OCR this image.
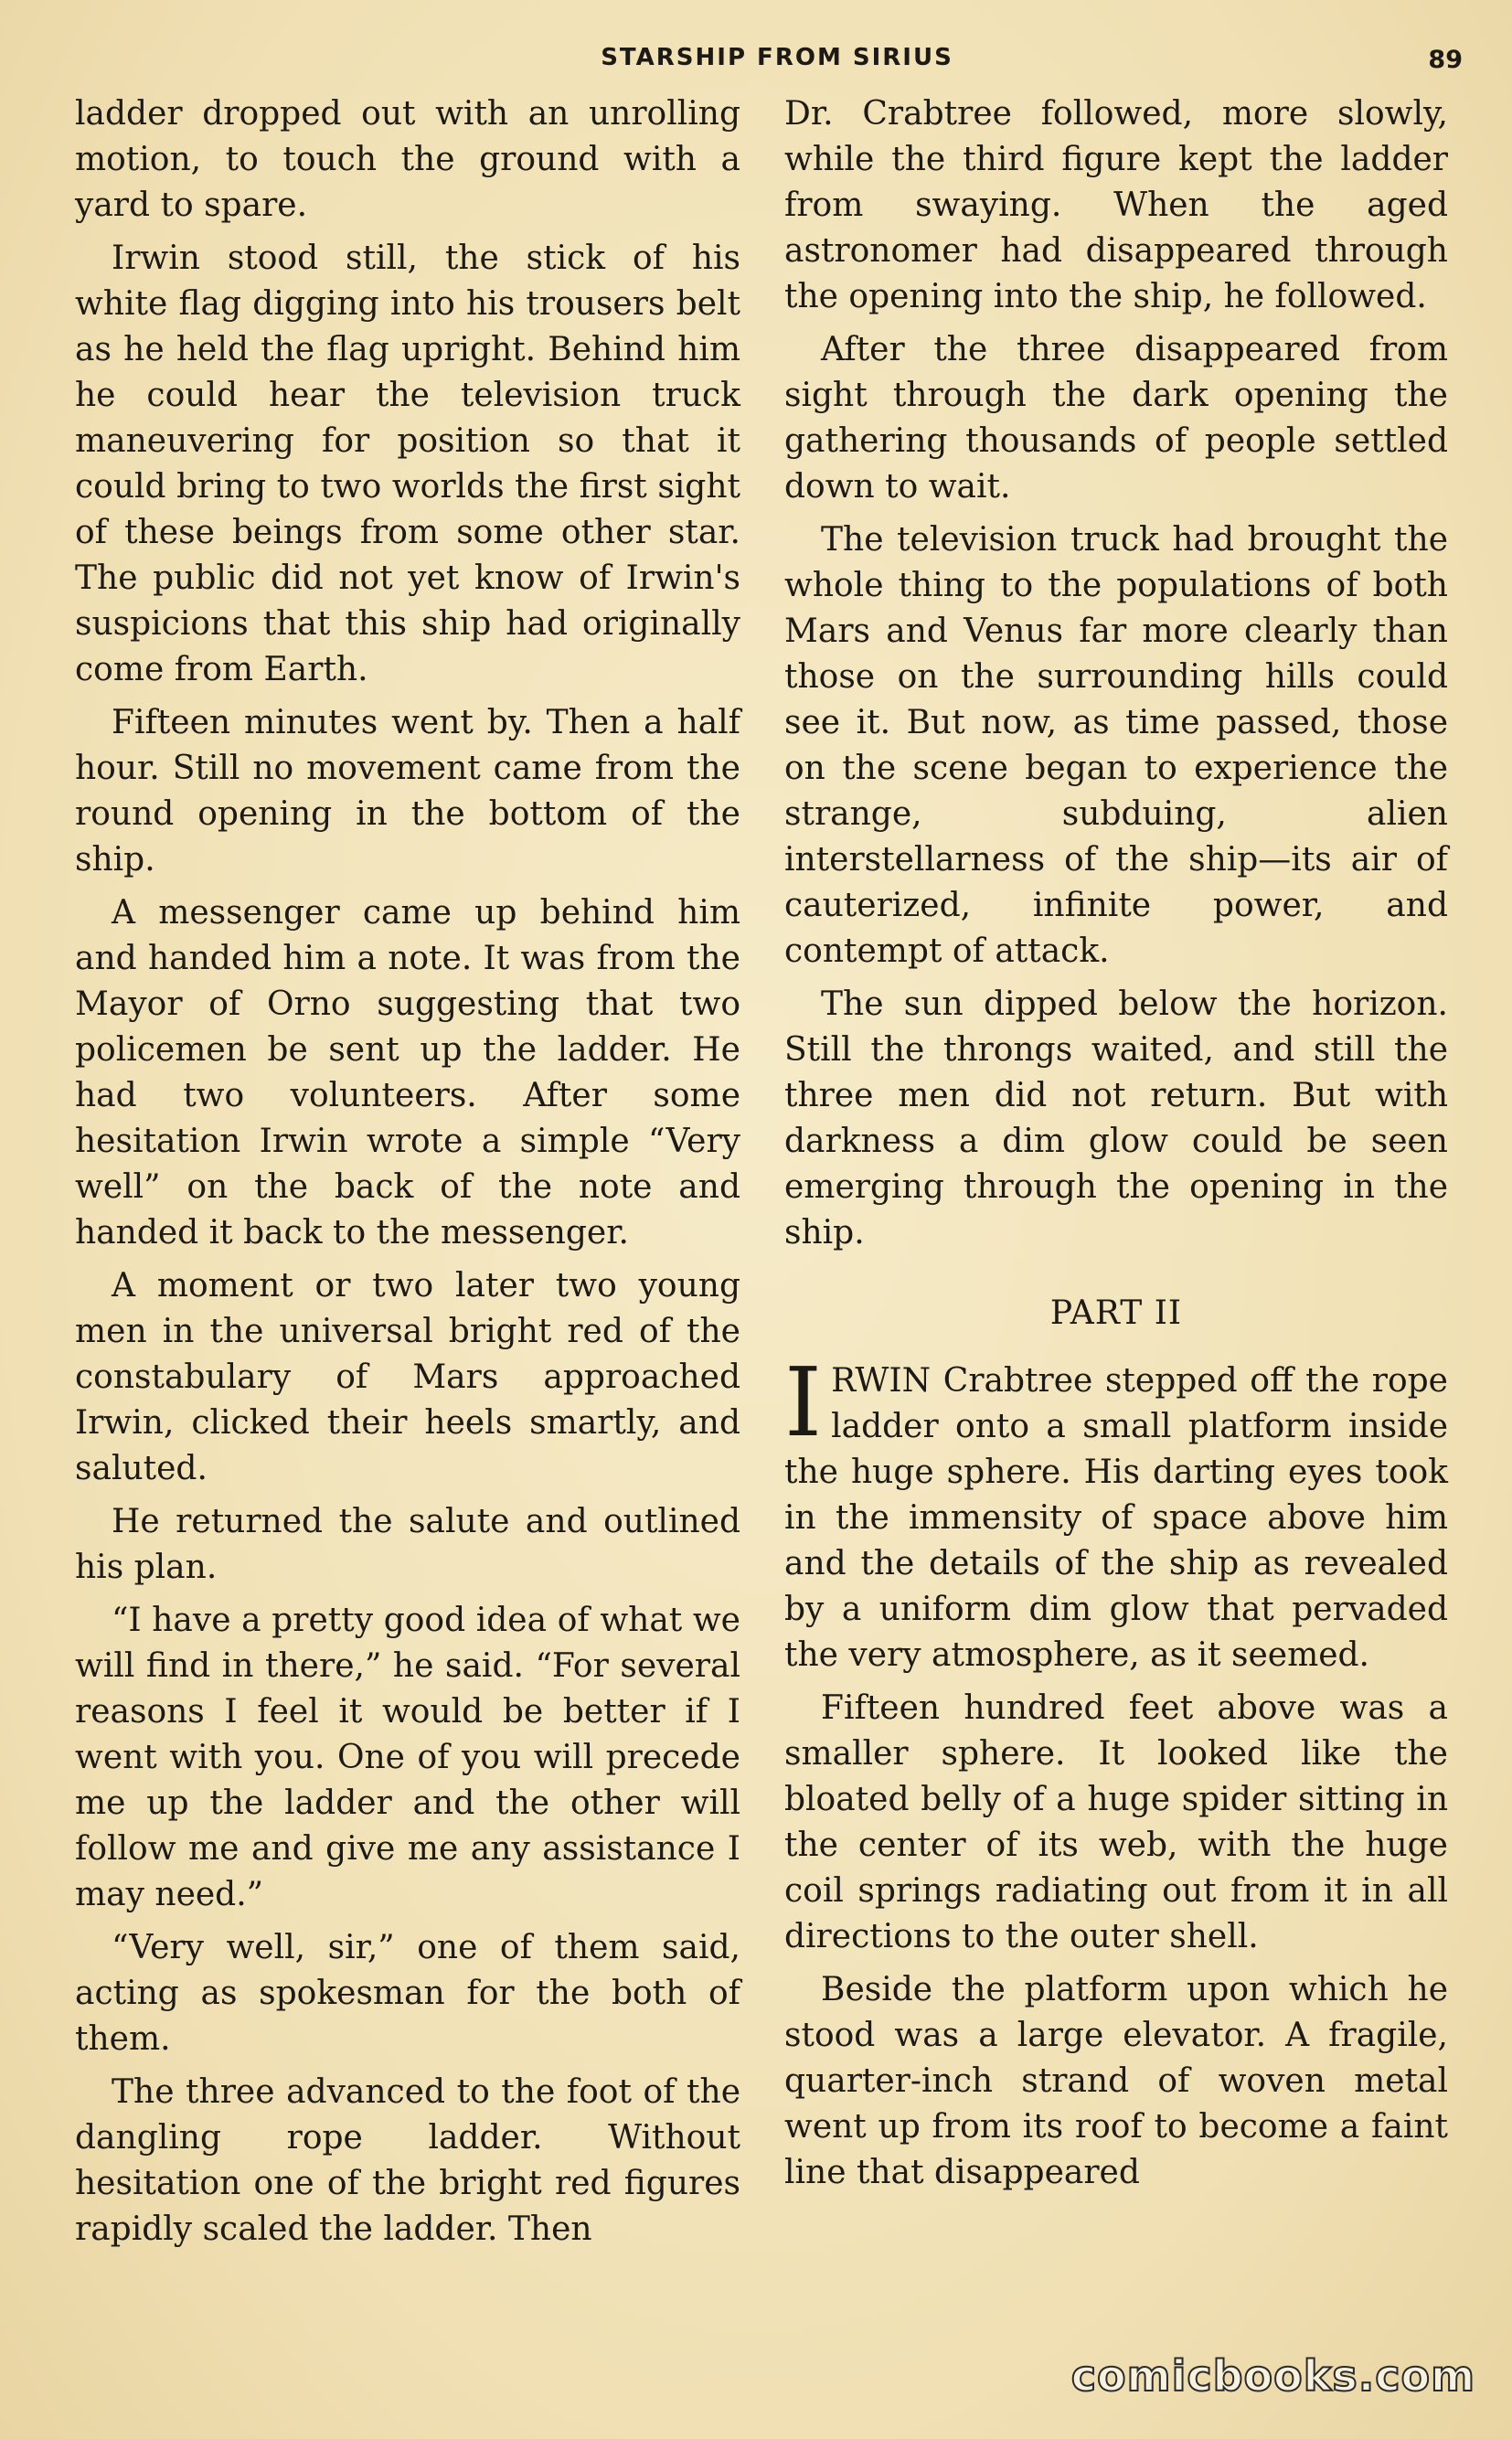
STARSHIP FROM SIRIUS	89

ladder dropped out with an unrolling motion, to touch the ground with a yard to spare.

Irwin stood still, the stick of his white flag digging into his trousers belt as he held the flag upright. Behind him he could hear the television truck maneuvering for position so that it could bring to two worlds the first sight of these beings from some other star. The public did not yet know of Irwin's suspicions that this ship had originally come from Earth.

Fifteen minutes went by. Then a half hour. Still no movement came from the round opening in the bottom of the ship.

A messenger came up behind him and handed him a note. It was from the Mayor of Orno suggesting that two policemen be sent up the ladder. He had two volunteers. After some hesitation Irwin wrote a simple “Very well” on the back of the note and handed it back to the messenger.

A moment or two later two young men in the universal bright red of the constabulary of Mars approached Irwin, clicked their heels smartly, and saluted.

He returned the salute and outlined his plan.

“I have a pretty good idea of what we will find in there,” he said. “For several reasons I feel it would be better if I went with you. One of you will precede me up the ladder and the other will follow me and give me any assistance I may need.”

“Very well, sir,” one of them said, acting as spokesman for the both of them.

The three advanced to the foot of the dangling rope ladder. Without hesitation one of the bright red figures rapidly scaled the ladder. Then

Dr. Crabtree followed, more slowly, while the third figure kept the ladder from swaying. When the aged astronomer had disappeared through the opening into the ship, he followed.

After the three disappeared from sight through the dark opening the gathering thousands of people settled down to wait.

The television truck had brought the whole thing to the populations of both Mars and Venus far more clearly than those on the surrounding hills could see it. But now, as time passed, those on the scene began to experience the strange, subduing, alien interstellarness of the ship—its air of cauterized, infinite power, and contempt of attack.

The sun dipped below the horizon. Still the throngs waited, and still the three men did not return. But with darkness a dim glow could be seen emerging through the opening in the ship.

PART II

IRWIN Crabtree stepped off the rope ladder onto a small platform inside the huge sphere. His darting eyes took in the immensity of space above him and the details of the ship as revealed by a uniform dim glow that pervaded the very atmosphere, as it seemed.

Fifteen hundred feet above was a smaller sphere. It looked like the bloated belly of a huge spider sitting in the center of its web, with the huge coil springs radiating out from it in all directions to the outer shell.

Beside the platform upon which he stood was a large elevator. A fragile, quarter-inch strand of woven metal went up from its roof to become a faint line that disappeared

comicbooks.com
